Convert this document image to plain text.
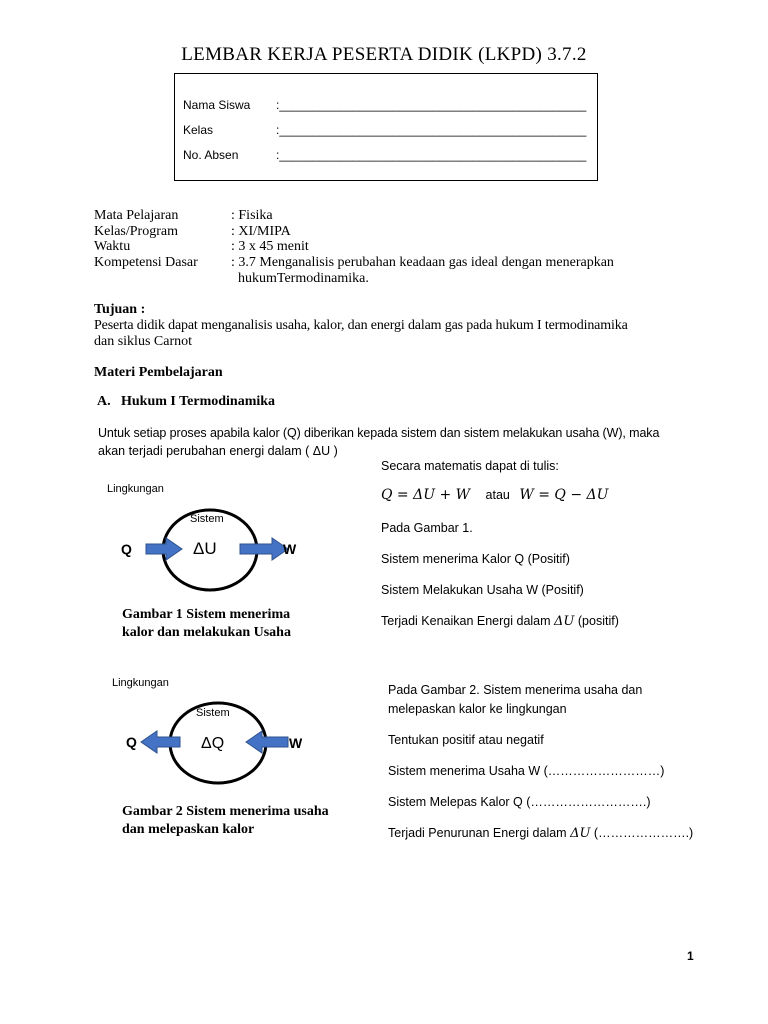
LEMBAR KERJA PESERTA DIDIK (LKPD) 3.7.2
Nama Siswa :______________________________________________
Kelas	:______________________________________________
No. Absen	:______________________________________________
Mata Pelajaran	: Fisika
Kelas/Program	: XI/MIPA
Waktu	: 3 x 45 menit
Kompetensi Dasar : 3.7 Menganalisis perubahan keadaan gas ideal dengan menerapkan
hukumTermodinamika.
Tujuan :
Peserta didik dapat menganalisis usaha, kalor, dan energi dalam gas pada hukum I termodinamika
dan siklus Carnot
Materi Pembelajaran
A. Hukum I Termodinamika
Untuk setiap proses apabila kalor (Q) diberikan kepada sistem dan sistem melakukan usaha (W), maka
akan terjadi perubahan energi dalam ( ΔU )
Lingkungan
Sistem
Q	ΔU	W
Gambar 1 Sistem menerima
kalor dan melakukan Usaha
Secara matematis dapat di tulis:
Q = ΔU + W atau W = Q − ΔU
Pada Gambar 1.
Sistem menerima Kalor Q (Positif)
Sistem Melakukan Usaha W (Positif)
Terjadi Kenaikan Energi dalam ΔU (positif)
Lingkungan
Sistem
Q	ΔQ	W
Gambar 2 Sistem menerima usaha
dan melepaskan kalor
Pada Gambar 2. Sistem menerima usaha dan
melepaskan kalor ke lingkungan
Tentukan positif atau negatif
Sistem menerima Usaha W (………………………)
Sistem Melepas Kalor Q (……………………….)
Terjadi Penurunan Energi dalam ΔU (………………….)
1
